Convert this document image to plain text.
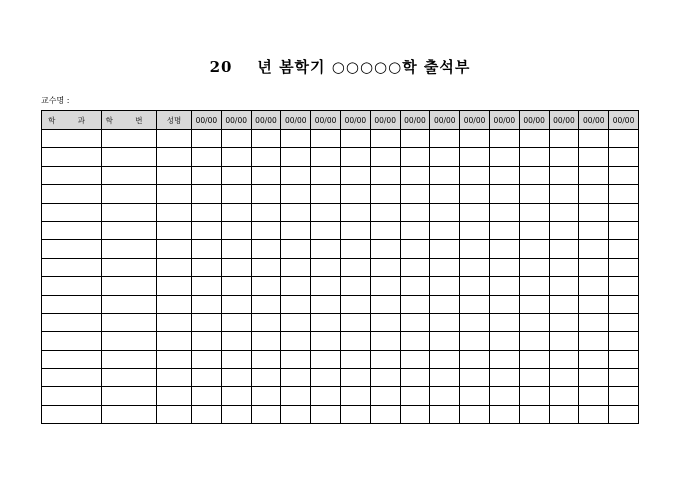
20    년 봄학기 ○○○○○학 출석부
교수명 :
학 과	학 번	성명	00/00	00/00	00/00	00/00	00/00	00/00	00/00	00/00	00/00	00/00	00/00	00/00	00/00	00/00	00/00
